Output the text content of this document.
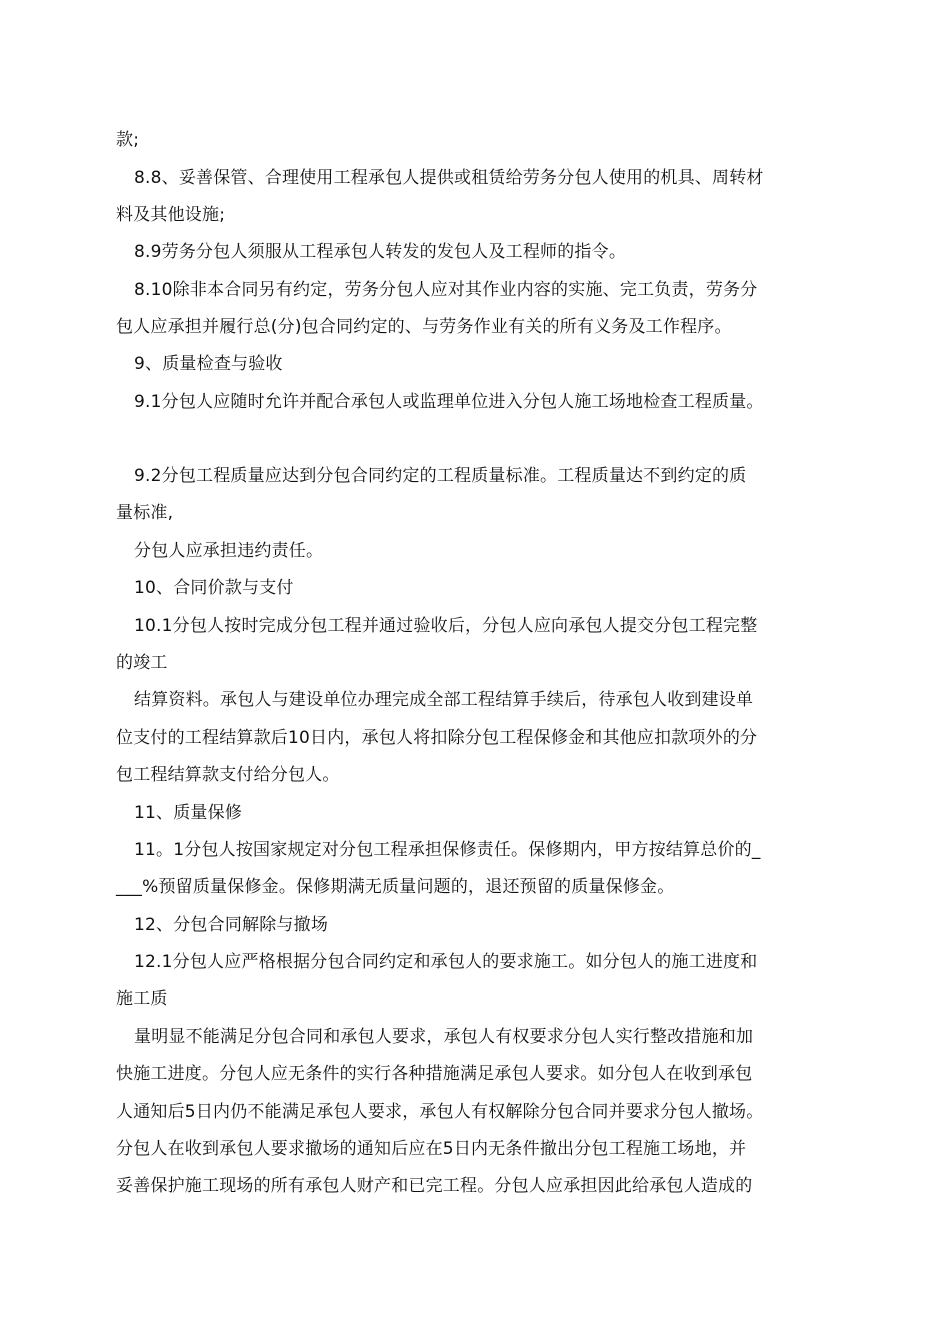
款;
8.8、妥善保管、合理使用工程承包人提供或租赁给劳务分包人使用的机具、周转材
料及其他设施;
8.9劳务分包人须服从工程承包人转发的发包人及工程师的指令。
8.10除非本合同另有约定，劳务分包人应对其作业内容的实施、完工负责，劳务分
包人应承担并履行总(分)包合同约定的、与劳务作业有关的所有义务及工作程序。
9、质量检查与验收
9.1分包人应随时允许并配合承包人或监理单位进入分包人施工场地检查工程质量。
9.2分包工程质量应达到分包合同约定的工程质量标准。工程质量达不到约定的质
量标准,
分包人应承担违约责任。
10、合同价款与支付
10.1分包人按时完成分包工程并通过验收后，分包人应向承包人提交分包工程完整
的竣工
结算资料。承包人与建设单位办理完成全部工程结算手续后，待承包人收到建设单
位支付的工程结算款后10日内，承包人将扣除分包工程保修金和其他应扣款项外的分
包工程结算款支付给分包人。
11、质量保修
11。1分包人按国家规定对分包工程承担保修责任。保修期内，甲方按结算总价的_
___%预留质量保修金。保修期满无质量问题的，退还预留的质量保修金。
12、分包合同解除与撤场
12.1分包人应严格根据分包合同约定和承包人的要求施工。如分包人的施工进度和
施工质
量明显不能满足分包合同和承包人要求，承包人有权要求分包人实行整改措施和加
快施工进度。分包人应无条件的实行各种措施满足承包人要求。如分包人在收到承包
人通知后5日内仍不能满足承包人要求，承包人有权解除分包合同并要求分包人撤场。
分包人在收到承包人要求撤场的通知后应在5日内无条件撤出分包工程施工场地，并
妥善保护施工现场的所有承包人财产和已完工程。分包人应承担因此给承包人造成的
